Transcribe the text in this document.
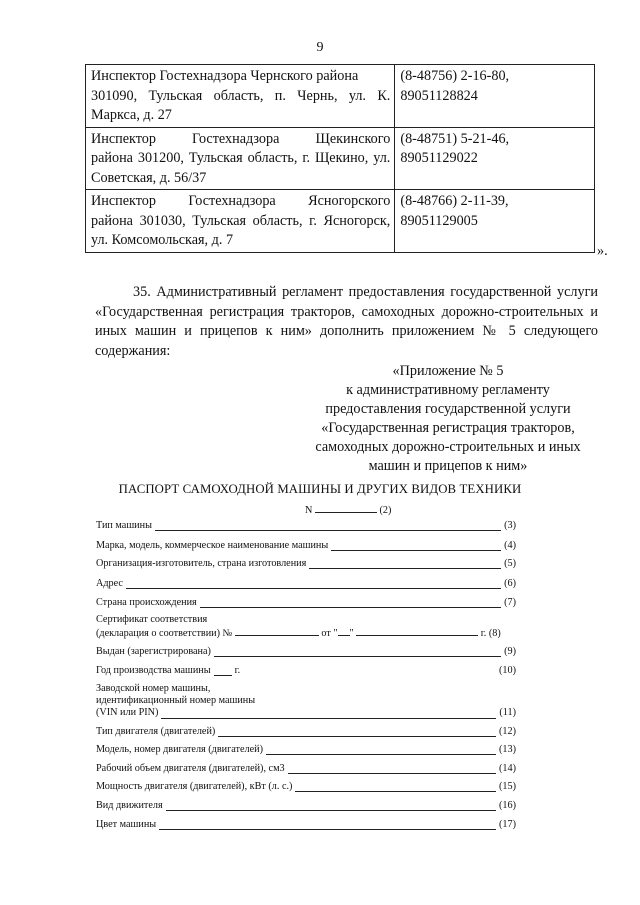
9
Инспектор Гостехнадзора Чернского района
301090, Тульская область, п. Чернь, ул. К. Маркса, д. 27	(8-48756) 2-16-80,
89051128824

Инспектор Гостехнадзора Щекинского
района 301200, Тульская область, г. Щекино, ул. Советская, д. 56/37	(8-48751) 5-21-46,
89051129022

Инспектор Гостехнадзора Ясногорского
района 301030, Тульская область, г. Ясногорск, ул. Комсомольская, д. 7	(8-48766) 2-11-39,
89051129005
».
35. Административный регламент предоставления государственной услуги «Государственная регистрация тракторов, самоходных дорожно-строительных и иных машин и прицепов к ним» дополнить приложением № 5 следующего содержания:
«Приложение № 5
к административному регламенту
предоставления государственной услуги
«Государственная регистрация тракторов,
самоходных дорожно-строительных и иных
машин и прицепов к ним»
ПАСПОРТ САМОХОДНОЙ МАШИНЫ И ДРУГИХ ВИДОВ ТЕХНИКИ
N	(2)
Тип машины	(3)
Марка, модель, коммерческое наименование машины	(4)
Организация-изготовитель, страна изготовления	(5)
Адрес	(6)
Страна происхождения	(7)
Сертификат соответствия
(декларация о соответствии) №	от " "	г. (8)
Выдан (зарегистрирована)	(9)
Год производства машины г.	(10)
Заводской номер машины,
идентификационный номер машины
(VIN или PIN)	(11)
Тип двигателя (двигателей)	(12)
Модель, номер двигателя (двигателей)	(13)
Рабочий объем двигателя (двигателей), см3	(14)
Мощность двигателя (двигателей), кВт (л. с.)	(15)
Вид движителя	(16)
Цвет машины	(17)
